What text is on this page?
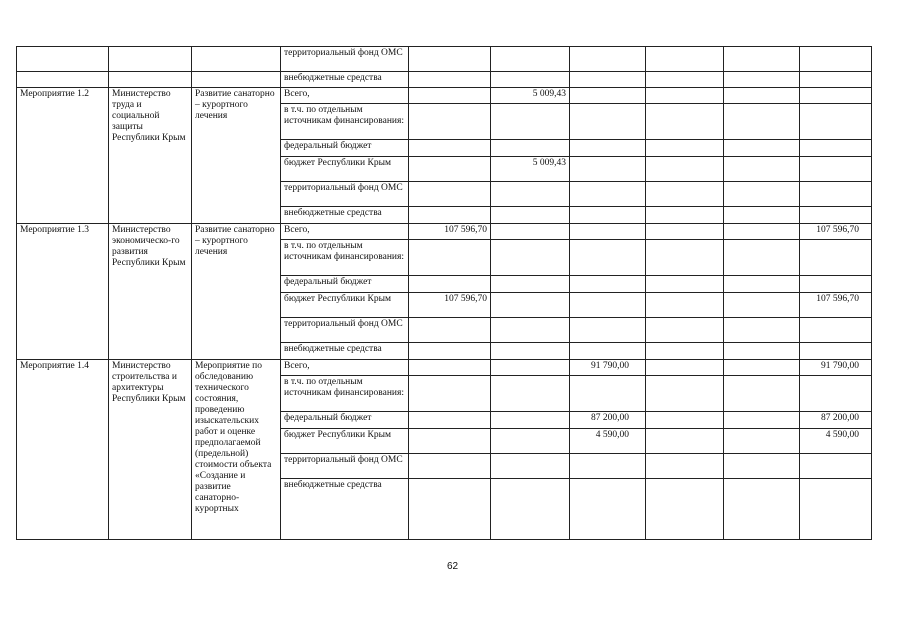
			территориальный фонд ОМС						
			внебюджетные средства						
Мероприятие 1.2	Министерство труда и социальной защиты Республики Крым	Развитие санаторно – курортного лечения	Всего,		5 009,43				
			в т.ч. по отдельным источникам финансирования:						
			федеральный бюджет						
			бюджет Республики Крым		5 009,43				
			территориальный фонд ОМС						
			внебюджетные средства						
Мероприятие 1.3	Министерство экономическо-го развития Республики Крым	Развитие санаторно – курортного лечения	Всего,	107 596,70					107 596,70
			в т.ч. по отдельным источникам финансирования:						
			федеральный бюджет						
			бюджет Республики Крым	107 596,70					107 596,70
			территориальный фонд ОМС						
			внебюджетные средства						
Мероприятие 1.4	Министерство строительства и архитектуры Республики Крым	Мероприятие по обследованию технического состояния, проведению изыскательских работ и оценке предполагаемой (предельной) стоимости объекта «Создание и развитие санаторно-курортных	Всего,			91 790,00			91 790,00
			в т.ч. по отдельным источникам финансирования:						
			федеральный бюджет			87 200,00			87 200,00
			бюджет Республики Крым			4 590,00			4 590,00
			территориальный фонд ОМС						
			внебюджетные средства						
62
